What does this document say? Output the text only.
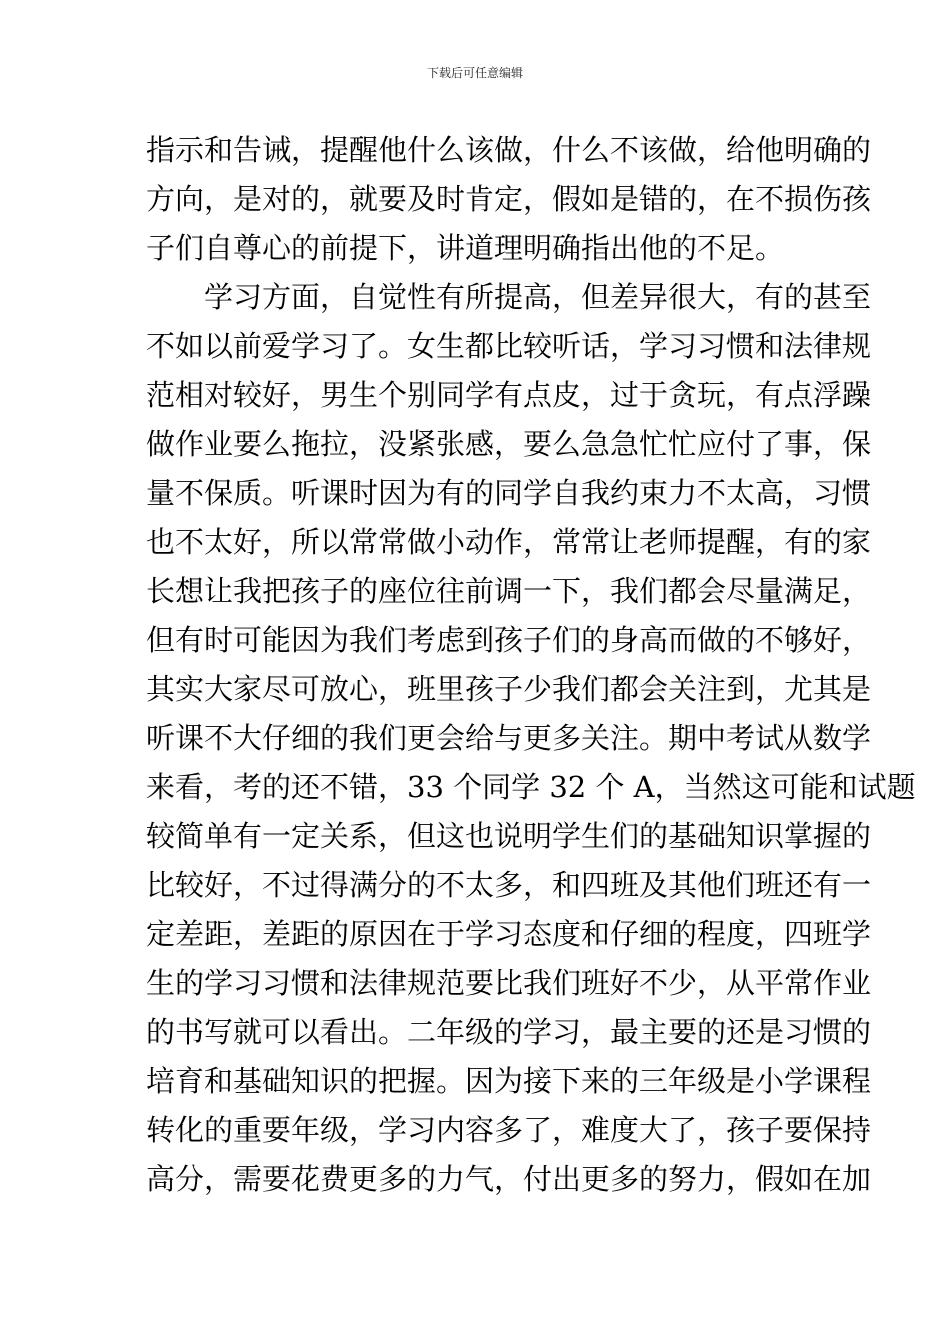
下载后可任意编辑
指示和告诫，提醒他什么该做，什么不该做，给他明确的
方向，是对的，就要及时肯定，假如是错的，在不损伤孩
子们自尊心的前提下，讲道理明确指出他的不足。
　　学习方面，自觉性有所提高，但差异很大，有的甚至
不如以前爱学习了。女生都比较听话，学习习惯和法律规
范相对较好，男生个别同学有点皮，过于贪玩，有点浮躁
做作业要么拖拉，没紧张感，要么急急忙忙应付了事，保
量不保质。听课时因为有的同学自我约束力不太高，习惯
也不太好，所以常常做小动作，常常让老师提醒，有的家
长想让我把孩子的座位往前调一下，我们都会尽量满足，
但有时可能因为我们考虑到孩子们的身高而做的不够好，
其实大家尽可放心，班里孩子少我们都会关注到，尤其是
听课不大仔细的我们更会给与更多关注。期中考试从数学
来看，考的还不错，33 个同学 32 个 A，当然这可能和试题
较简单有一定关系，但这也说明学生们的基础知识掌握的
比较好，不过得满分的不太多，和四班及其他们班还有一
定差距，差距的原因在于学习态度和仔细的程度，四班学
生的学习习惯和法律规范要比我们班好不少，从平常作业
的书写就可以看出。二年级的学习，最主要的还是习惯的
培育和基础知识的把握。因为接下来的三年级是小学课程
转化的重要年级，学习内容多了，难度大了，孩子要保持
高分，需要花费更多的力气，付出更多的努力，假如在加
